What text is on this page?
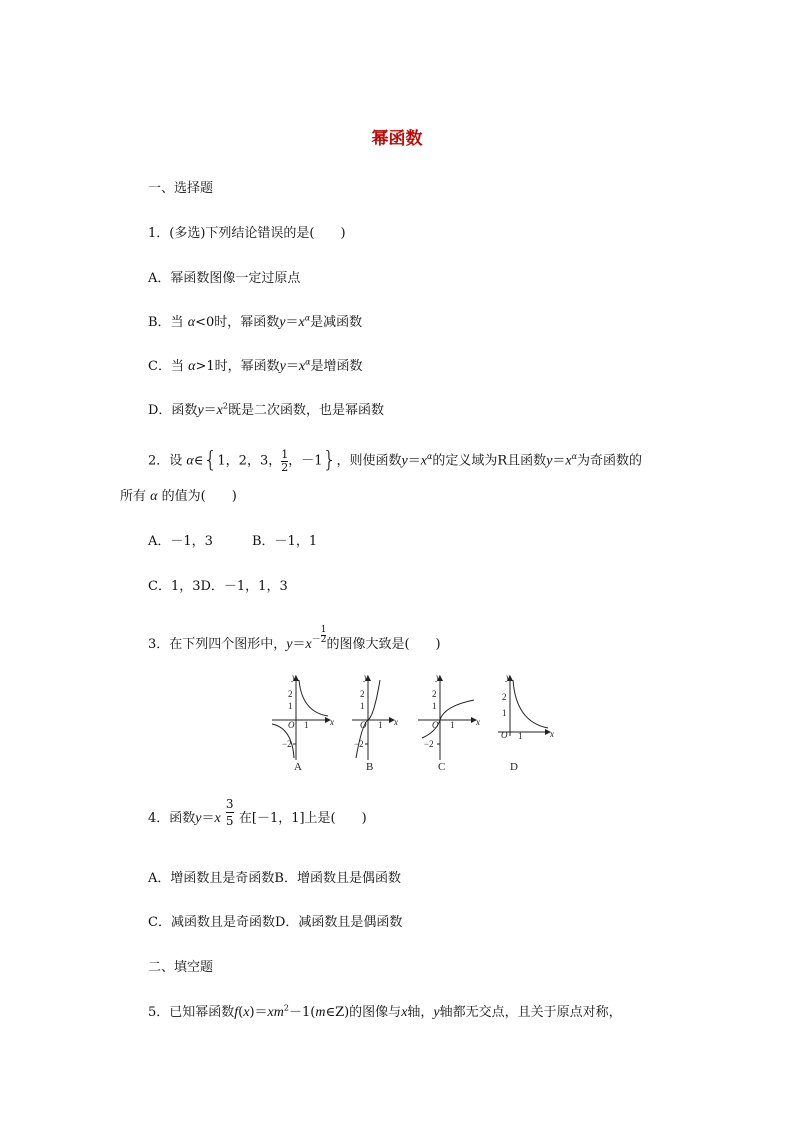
幂函数
一、选择题
1．(多选)下列结论错误的是(　　)
A．幂函数图像一定过原点
B．当 α<0时，幂函数$y=x^\alpha$是减函数
C．当 α>1时，幂函数$y=x^\alpha$是增函数
D．函数$y=x^2$既是二次函数，也是幂函数
2．设 α∈{1，2，3， $\frac{1}{2}$ ，－1}，则使函数$y=x^\alpha$的定义域为R且函数$y=x^\alpha$为奇函数的
所有 α 的值为(　　)
A．－1，3	B．－1，1
C．1，3D．－1，1，3
3．在下列四个图形中，$y=x^- \frac{1}{2}$ 的图像大致是(　　)
y
x
O
2
1
1
−2
A
y
x
O
2
1
1
−2
B
y
x
O
2
1
1
−2
C
y
x
O
2
1
1
D
4．函数$y=x \frac{3}{5}$ 在[－1，1]上是(　　)
A．增函数且是奇函数B．增函数且是偶函数
C．减函数且是奇函数D．减函数且是偶函数
二、填空题
5．已知幂函数$f(x)=xm^2-1(m\in Z)$的图像与x轴，y轴都无交点，且关于原点对称，
